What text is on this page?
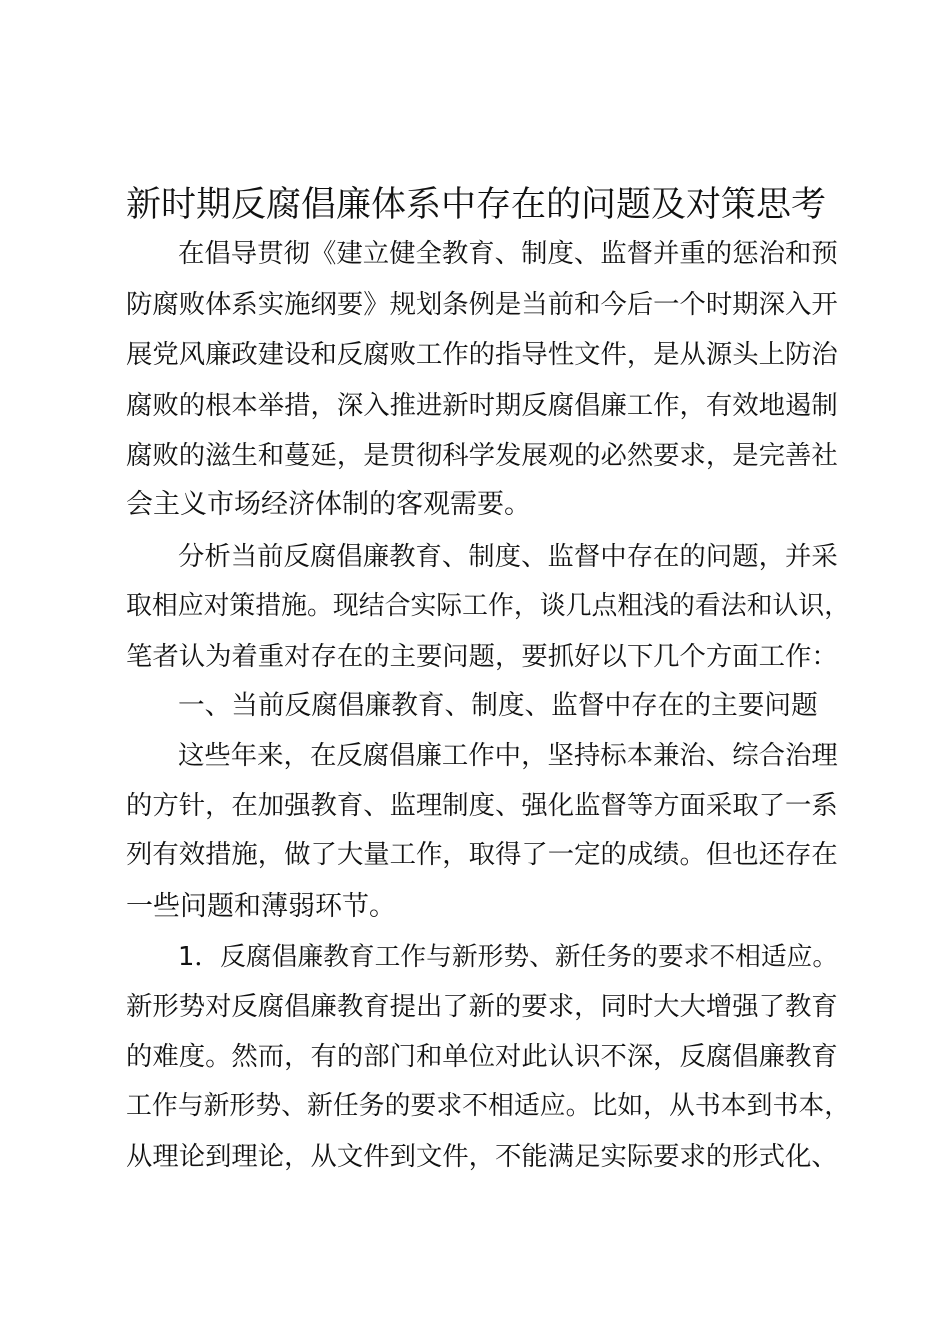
新时期反腐倡廉体系中存在的问题及对策思考
在倡导贯彻《建立健全教育、制度、监督并重的惩治和预
防腐败体系实施纲要》规划条例是当前和今后一个时期深入开
展党风廉政建设和反腐败工作的指导性文件，是从源头上防治
腐败的根本举措，深入推进新时期反腐倡廉工作，有效地遏制
腐败的滋生和蔓延，是贯彻科学发展观的必然要求，是完善社
会主义市场经济体制的客观需要。
分析当前反腐倡廉教育、制度、监督中存在的问题，并采
取相应对策措施。现结合实际工作，谈几点粗浅的看法和认识，
笔者认为着重对存在的主要问题，要抓好以下几个方面工作：
一、当前反腐倡廉教育、制度、监督中存在的主要问题
这些年来，在反腐倡廉工作中，坚持标本兼治、综合治理
的方针，在加强教育、监理制度、强化监督等方面采取了一系
列有效措施，做了大量工作，取得了一定的成绩。但也还存在
一些问题和薄弱环节。
1．反腐倡廉教育工作与新形势、新任务的要求不相适应。
新形势对反腐倡廉教育提出了新的要求，同时大大增强了教育
的难度。然而，有的部门和单位对此认识不深，反腐倡廉教育
工作与新形势、新任务的要求不相适应。比如，从书本到书本，
从理论到理论，从文件到文件，不能满足实际要求的形式化、
